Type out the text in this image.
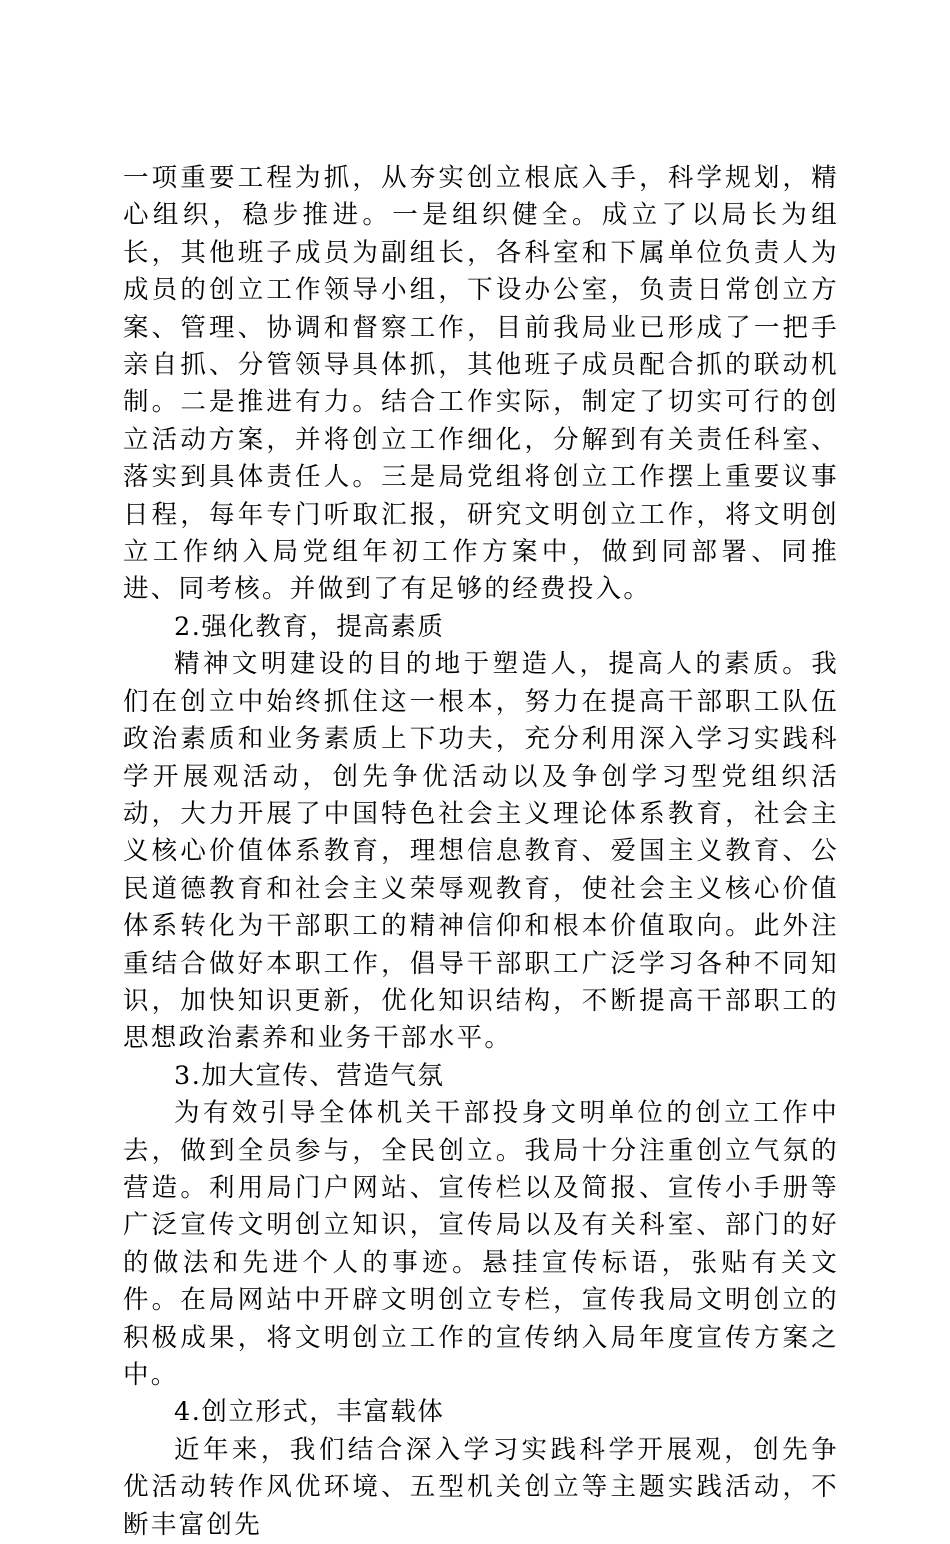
一项重要工程为抓，从夯实创立根底入手，科学规划，精心组织，稳步推进。一是组织健全。成立了以局长为组长，其他班子成员为副组长，各科室和下属单位负责人为成员的创立工作领导小组，下设办公室，负责日常创立方案、管理、协调和督察工作，目前我局业已形成了一把手亲自抓、分管领导具体抓，其他班子成员配合抓的联动机制。二是推进有力。结合工作实际，制定了切实可行的创立活动方案，并将创立工作细化，分解到有关责任科室、落实到具体责任人。三是局党组将创立工作摆上重要议事日程，每年专门听取汇报，研究文明创立工作，将文明创立工作纳入局党组年初工作方案中，做到同部署、同推进、同考核。并做到了有足够的经费投入。

2.强化教育，提高素质

精神文明建设的目的地于塑造人，提高人的素质。我们在创立中始终抓住这一根本，努力在提高干部职工队伍政治素质和业务素质上下功夫，充分利用深入学习实践科学开展观活动，创先争优活动以及争创学习型党组织活动，大力开展了中国特色社会主义理论体系教育，社会主义核心价值体系教育，理想信息教育、爱国主义教育、公民道德教育和社会主义荣辱观教育，使社会主义核心价值体系转化为干部职工的精神信仰和根本价值取向。此外注重结合做好本职工作，倡导干部职工广泛学习各种不同知识，加快知识更新，优化知识结构，不断提高干部职工的思想政治素养和业务干部水平。

3.加大宣传、营造气氛

为有效引导全体机关干部投身文明单位的创立工作中去，做到全员参与，全民创立。我局十分注重创立气氛的营造。利用局门户网站、宣传栏以及简报、宣传小手册等广泛宣传文明创立知识，宣传局以及有关科室、部门的好的做法和先进个人的事迹。悬挂宣传标语，张贴有关文件。在局网站中开辟文明创立专栏，宣传我局文明创立的积极成果，将文明创立工作的宣传纳入局年度宣传方案之中。

4.创立形式，丰富载体

近年来，我们结合深入学习实践科学开展观，创先争优活动转作风优环境、五型机关创立等主题实践活动，不断丰富创先
